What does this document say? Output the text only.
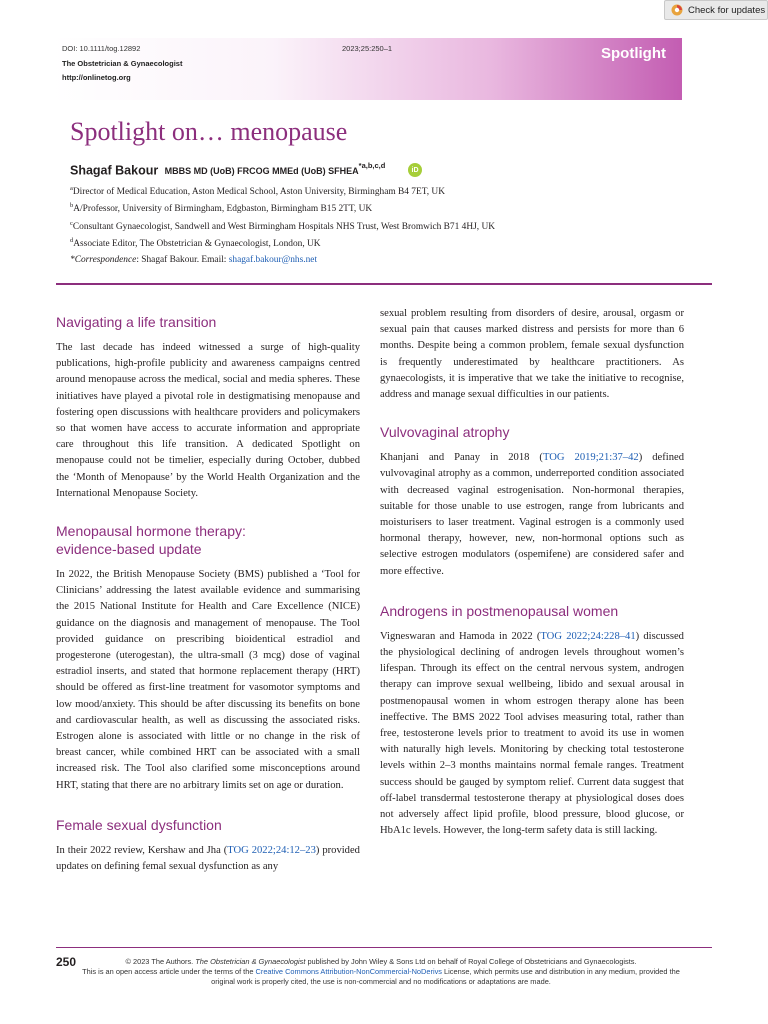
Check for updates
DOI: 10.1111/tog.12892
The Obstetrician & Gynaecologist
http://onlinetog.org
2023;25:250–1	Spotlight
Spotlight on… menopause
Shagaf Bakour MBBS MD (UoB) FRCOG MMEd (UoB) SFHEA$^{*a,b,c,d}$	iD
$^a$Director of Medical Education, Aston Medical School, Aston University, Birmingham B4 7ET, UK
$^b$A/Professor, University of Birmingham, Edgbaston, Birmingham B15 2TT, UK
$^c$Consultant Gynaecologist, Sandwell and West Birmingham Hospitals NHS Trust, West Bromwich B71 4HJ, UK
$^d$Associate Editor, The Obstetrician & Gynaecologist, London, UK
*Correspondence: Shagaf Bakour. Email: shagaf.bakour@nhs.net
Navigating a life transition

The last decade has indeed witnessed a surge of high-quality publications, high-profile publicity and awareness campaigns centred around menopause across the medical, social and media spheres. These initiatives have played a pivotal role in destigmatising menopause and fostering open discussions with healthcare providers and policymakers so that women have access to accurate information and appropriate care throughout this life transition. A dedicated Spotlight on menopause could not be timelier, especially during October, dubbed the ‘Month of Menopause’ by the World Health Organization and the International Menopause Society.

Menopausal hormone therapy: evidence-based update

In 2022, the British Menopause Society (BMS) published a ‘Tool for Clinicians’ addressing the latest available evidence and summarising the 2015 National Institute for Health and Care Excellence (NICE) guidance on the diagnosis and management of menopause. The Tool provided guidance on prescribing bioidentical estradiol and progesterone (uterogestan), the ultra-small (3 mcg) dose of vaginal estradiol inserts, and stated that hormone replacement therapy (HRT) should be offered as first-line treatment for vasomotor symptoms and low mood/anxiety. This should be after discussing its benefits on bone and cardiovascular health, as well as discussing the associated risks. Estrogen alone is associated with little or no change in the risk of breast cancer, while combined HRT can be associated with a small increased risk. The Tool also clarified some misconceptions around HRT, stating that there are no arbitrary limits set on age or duration.

Female sexual dysfunction

In their 2022 review, Kershaw and Jha (TOG 2022;24:12–23) provided updates on defining femal sexual dysfunction as any

sexual problem resulting from disorders of desire, arousal, orgasm or sexual pain that causes marked distress and persists for more than 6 months. Despite being a common problem, female sexual dysfunction is frequently underestimated by healthcare practitioners. As gynaecologists, it is imperative that we take the initiative to recognise, address and manage sexual difficulties in our patients.

Vulvovaginal atrophy

Khanjani and Panay in 2018 (TOG 2019;21:37–42) defined vulvovaginal atrophy as a common, underreported condition associated with decreased vaginal estrogenisation. Non-hormonal therapies, suitable for those unable to use estrogen, range from lubricants and moisturisers to laser treatment. Vaginal estrogen is a commonly used hormonal therapy, however, new, non-hormonal options such as selective estrogen modulators (ospemifene) are considered safer and more effective.

Androgens in postmenopausal women

Vigneswaran and Hamoda in 2022 (TOG 2022;24:228–41) discussed the physiological declining of androgen levels throughout women’s lifespan. Through its effect on the central nervous system, androgen therapy can improve sexual wellbeing, libido and sexual arousal in postmenopausal women in whom estrogen therapy alone has been ineffective. The BMS 2022 Tool advises measuring total, rather than free, testosterone levels prior to treatment to avoid its use in women with naturally high levels. Monitoring by checking total testosterone levels within 2–3 months maintains normal female ranges. Treatment success should be gauged by symptom relief. Current data suggest that off-label transdermal testosterone therapy at physiological doses does not adversely affect lipid profile, blood pressure, blood glucose, or HbA1c levels. However, the long-term safety data is still lacking.

250	© 2023 The Authors. The Obstetrician & Gynaecologist published by John Wiley & Sons Ltd on behalf of Royal College of Obstetricians and Gynaecologists.
This is an open access article under the terms of the Creative Commons Attribution-NonCommercial-NoDerivs License, which permits use and distribution in any medium, provided the original work is properly cited, the use is non-commercial and no modifications or adaptations are made.
